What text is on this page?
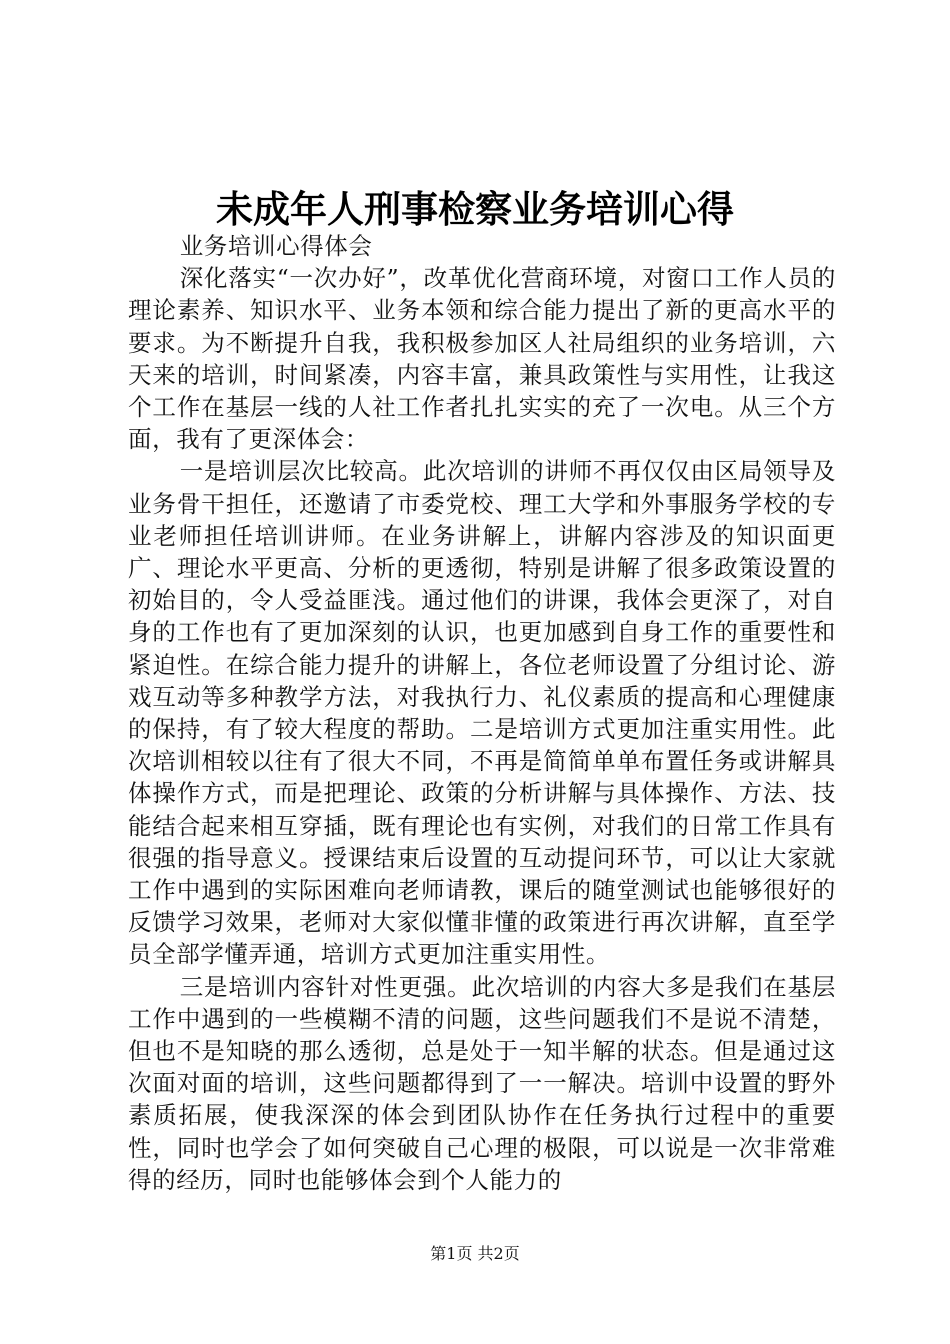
未成年人刑事检察业务培训心得

业务培训心得体会

深化落实“一次办好”，改革优化营商环境，对窗口工作人员的理论素养、知识水平、业务本领和综合能力提出了新的更高水平的要求。为不断提升自我，我积极参加区人社局组织的业务培训，六天来的培训，时间紧凑，内容丰富，兼具政策性与实用性，让我这个工作在基层一线的人社工作者扎扎实实的充了一次电。从三个方面，我有了更深体会：

一是培训层次比较高。此次培训的讲师不再仅仅由区局领导及业务骨干担任，还邀请了市委党校、理工大学和外事服务学校的专业老师担任培训讲师。在业务讲解上，讲解内容涉及的知识面更广、理论水平更高、分析的更透彻，特别是讲解了很多政策设置的初始目的，令人受益匪浅。通过他们的讲课，我体会更深了，对自身的工作也有了更加深刻的认识，也更加感到自身工作的重要性和紧迫性。在综合能力提升的讲解上，各位老师设置了分组讨论、游戏互动等多种教学方法，对我执行力、礼仪素质的提高和心理健康的保持，有了较大程度的帮助。二是培训方式更加注重实用性。此次培训相较以往有了很大不同，不再是简简单单布置任务或讲解具体操作方式，而是把理论、政策的分析讲解与具体操作、方法、技能结合起来相互穿插，既有理论也有实例，对我们的日常工作具有很强的指导意义。授课结束后设置的互动提问环节，可以让大家就工作中遇到的实际困难向老师请教，课后的随堂测试也能够很好的反馈学习效果，老师对大家似懂非懂的政策进行再次讲解，直至学员全部学懂弄通，培训方式更加注重实用性。

三是培训内容针对性更强。此次培训的内容大多是我们在基层工作中遇到的一些模糊不清的问题，这些问题我们不是说不清楚，但也不是知晓的那么透彻，总是处于一知半解的状态。但是通过这次面对面的培训，这些问题都得到了一一解决。培训中设置的野外素质拓展，使我深深的体会到团队协作在任务执行过程中的重要性，同时也学会了如何突破自己心理的极限，可以说是一次非常难得的经历，同时也能够体会到个人能力的

第1页 共2页
